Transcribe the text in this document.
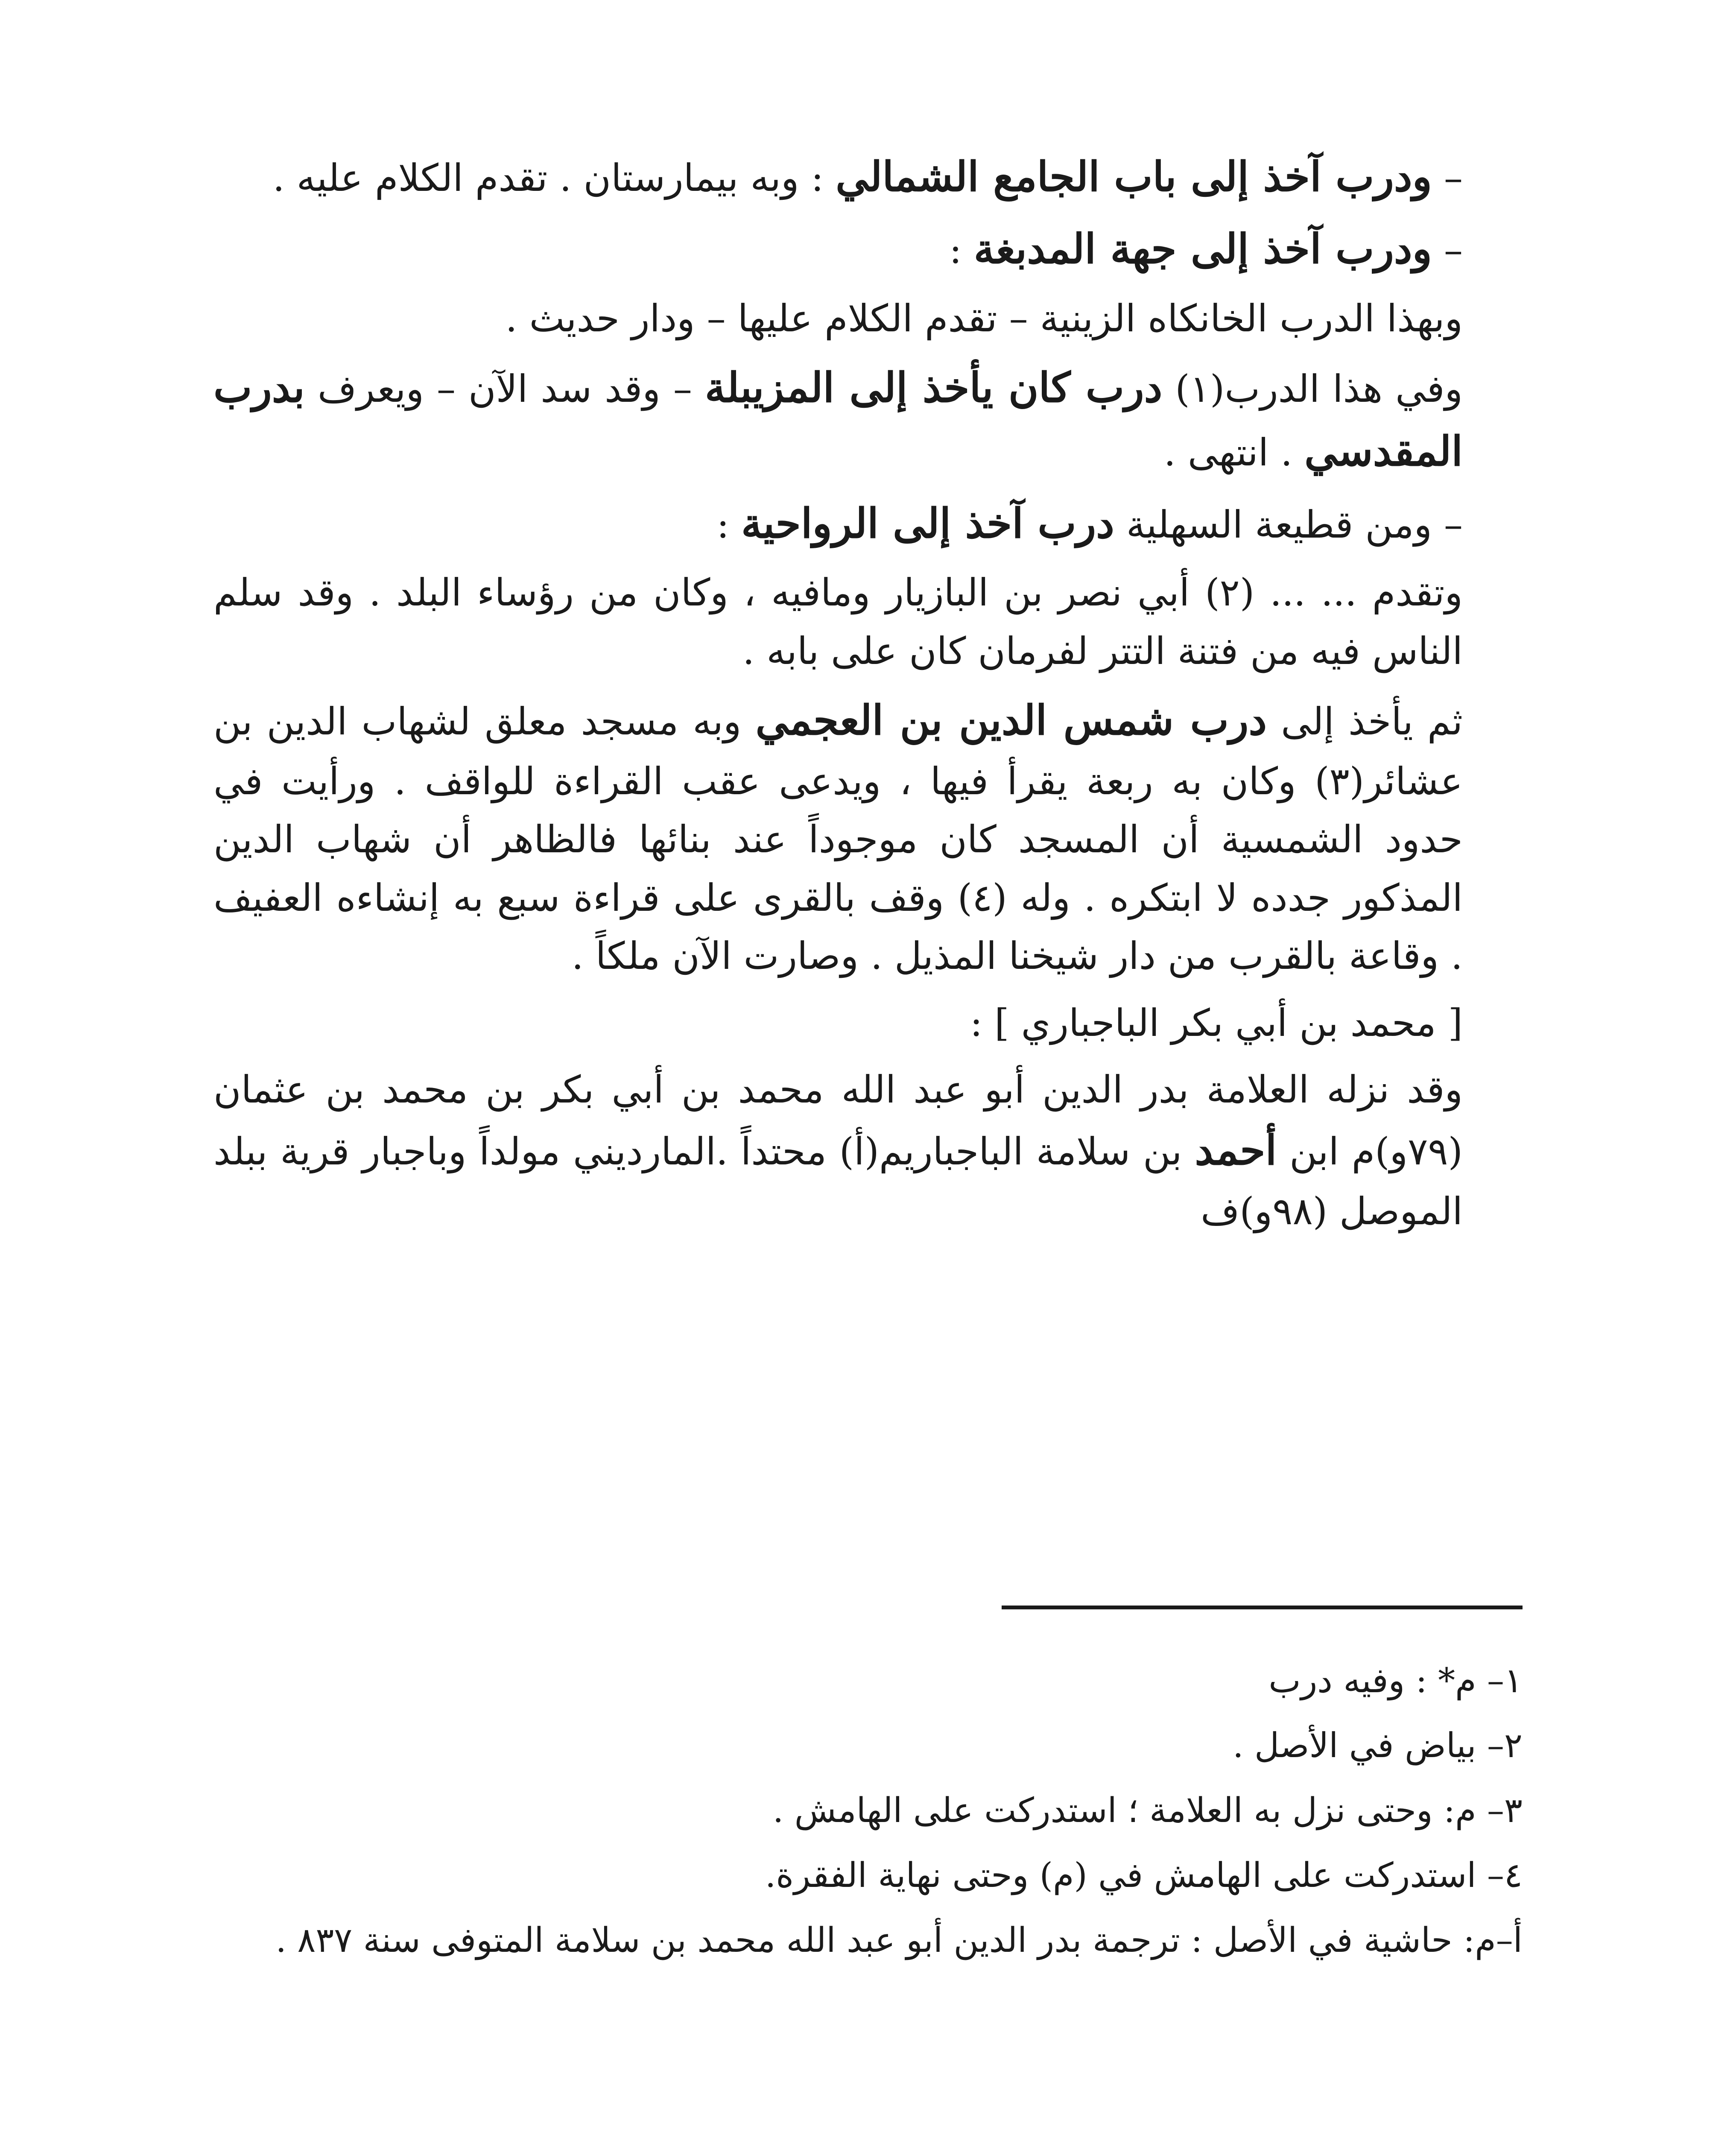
– ودرب آخذ إلى باب الجامع الشمالي : وبه بيمارستان . تقدم الكلام عليه .

– ودرب آخذ إلى جهة المدبغة :

وبهذا الدرب الخانكاه الزينية – تقدم الكلام عليها – ودار حديث .

وفي هذا الدرب(١) درب كان يأخذ إلى المزيبلة – وقد سد الآن – ويعرف بدرب المقدسي . انتهى .

– ومن قطيعة السهلية درب آخذ إلى الرواحية :

وتقدم ... ... (٢) أبي نصر بن البازيار ومافيه ، وكان من رؤساء البلد . وقد سلم الناس فيه من فتنة التتر لفرمان كان على بابه .

ثم يأخذ إلى درب شمس الدين بن العجمي وبه مسجد معلق لشهاب الدين بن عشائر(٣) وكان به ربعة يقرأ فيها ، ويدعى عقب القراءة للواقف . ورأيت في حدود الشمسية أن المسجد كان موجوداً عند بنائها فالظاهر أن شهاب الدين المذكور جدده لا ابتكره . وله (٤) وقف بالقرى على قراءة سبع به إنشاءه العفيف . وقاعة بالقرب من دار شيخنا المذيل . وصارت الآن ملكاً .

[ محمد بن أبي بكر الباجباري ] :

وقد نزله العلامة بدر الدين أبو عبد الله محمد بن أبي بكر بن محمد بن عثمان (٧٩و)م ابن أحمد بن سلامة الباجباريم(أ) محتداً .المارديني مولداً وباجبار قرية ببلد الموصل (٩٨و)ف

١– م* : وفيه درب
٢– بياض في الأصل .
٣– م: وحتى نزل به العلامة ؛ استدركت على الهامش .
٤– استدركت على الهامش في (م) وحتى نهاية الفقرة.
أ–م: حاشية في الأصل : ترجمة بدر الدين أبو عبد الله محمد بن سلامة المتوفى سنة ٨٣٧ .
